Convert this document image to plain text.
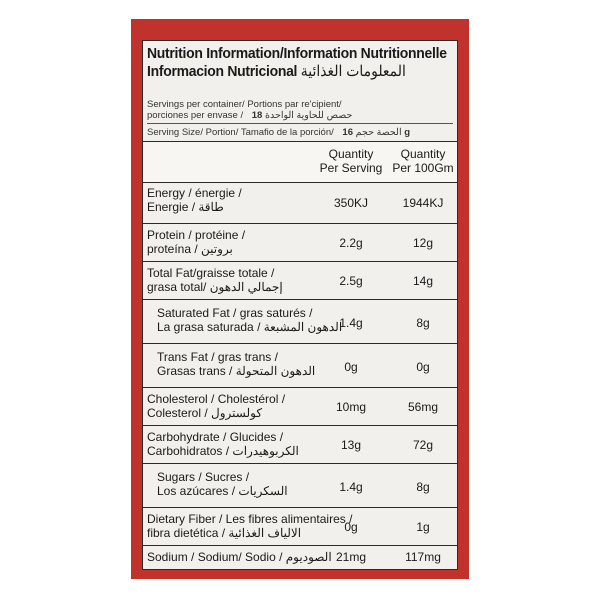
Nutrition Information/Information Nutritionnelle
Informacion Nutricional المعلومات الغذائية
Servings per container/ Portions par re'cipient/
porciones per envase / حصص للحاوية الواحدة 18
Serving Size/ Portion/ Tamafio de la porción/ الحصة حجم 16 g
Quantity
Per Serving
Quantity
Per 100Gm
Energy / énergie /
Energie / طاقة	350KJ	1944KJ
Protein / protéine /
proteína / بروتين	2.2g	12g
Total Fat/graisse totale /
grasa total/ إجمالي الدهون	2.5g	14g
Saturated Fat / gras saturés /
La grasa saturada / الدهون المشبعة
1.4g	8g
Trans Fat / gras trans /
Grasas trans / الدهون المتحولة	0g	0g
Cholesterol / Cholestérol /
Colesterol / كولسترول	10mg	56mg
Carbohydrate / Glucides /
Carbohidratos / الكربوهيدرات	13g	72g
Sugars / Sucres /
Los azúcares / السكريات	1.4g	8g
Dietary Fiber / Les fibres alimentaires /
fibra dietética / الالياف الغذائية	0g	1g
Sodium / Sodium/ Sodio / الصوديوم 21mg	117mg
